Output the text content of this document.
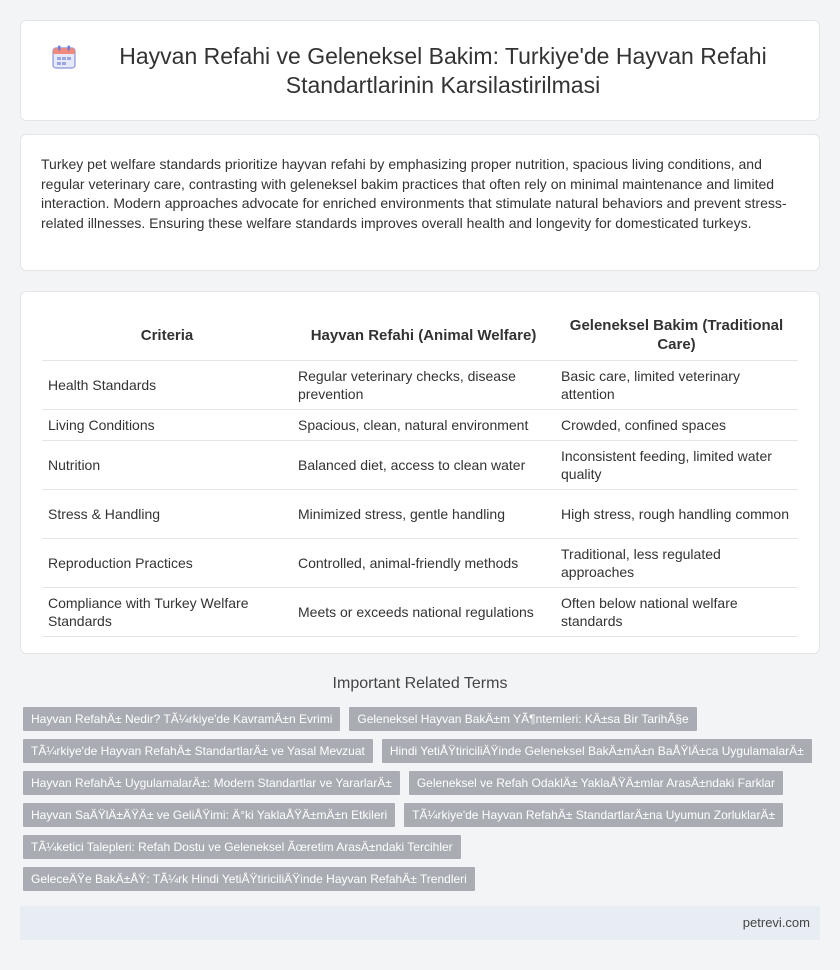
Hayvan Refahi ve Geleneksel Bakim: Turkiye'de Hayvan Refahi Standartlarinin Karsilastirilmasi

Turkey pet welfare standards prioritize hayvan refahi by emphasizing proper nutrition, spacious living conditions, and regular veterinary care, contrasting with geleneksel bakim practices that often rely on minimal maintenance and limited interaction. Modern approaches advocate for enriched environments that stimulate natural behaviors and prevent stress-related illnesses. Ensuring these welfare standards improves overall health and longevity for domesticated turkeys.

Criteria	Hayvan Refahi (Animal Welfare)	Geleneksel Bakim (Traditional Care)
Health Standards	Regular veterinary checks, disease prevention	Basic care, limited veterinary attention
Living Conditions	Spacious, clean, natural environment	Crowded, confined spaces
Nutrition	Balanced diet, access to clean water	Inconsistent feeding, limited water quality
Stress & Handling	Minimized stress, gentle handling	High stress, rough handling common
Reproduction Practices	Controlled, animal-friendly methods	Traditional, less regulated approaches
Compliance with Turkey Welfare Standards	Meets or exceeds national regulations	Often below national welfare standards
Important Related Terms
Hayvan RefahÄ± Nedir? TÃ¼rkiye'de KavramÄ±n Evrimi	Geleneksel Hayvan BakÄ±m YÃ¶ntemleri: KÄ±sa Bir TarihÃ§e
TÃ¼rkiye'de Hayvan RefahÄ± StandartlarÄ± ve Yasal Mevzuat	Hindi YetiÅŸtiriciliÄŸinde Geleneksel BakÄ±mÄ±n BaÅŸlÄ±ca UygulamalarÄ±
Hayvan RefahÄ± UygulamalarÄ±: Modern Standartlar ve YararlarÄ±	Geleneksel ve Refah OdaklÄ± YaklaÅŸÄ±mlar ArasÄ±ndaki Farklar
Hayvan SaÄŸlÄ±ÄŸÄ± ve GeliÅŸimi: Ä°ki YaklaÅŸÄ±mÄ±n Etkileri	TÃ¼rkiye'de Hayvan RefahÄ± StandartlarÄ±na Uyumun ZorluklarÄ±
TÃ¼ketici Talepleri: Refah Dostu ve Geleneksel Ãœretim ArasÄ±ndaki Tercihler
GeleceÄŸe BakÄ±ÅŸ: TÃ¼rk Hindi YetiÅŸtiriciliÄŸinde Hayvan RefahÄ± Trendleri
petrevi.com
